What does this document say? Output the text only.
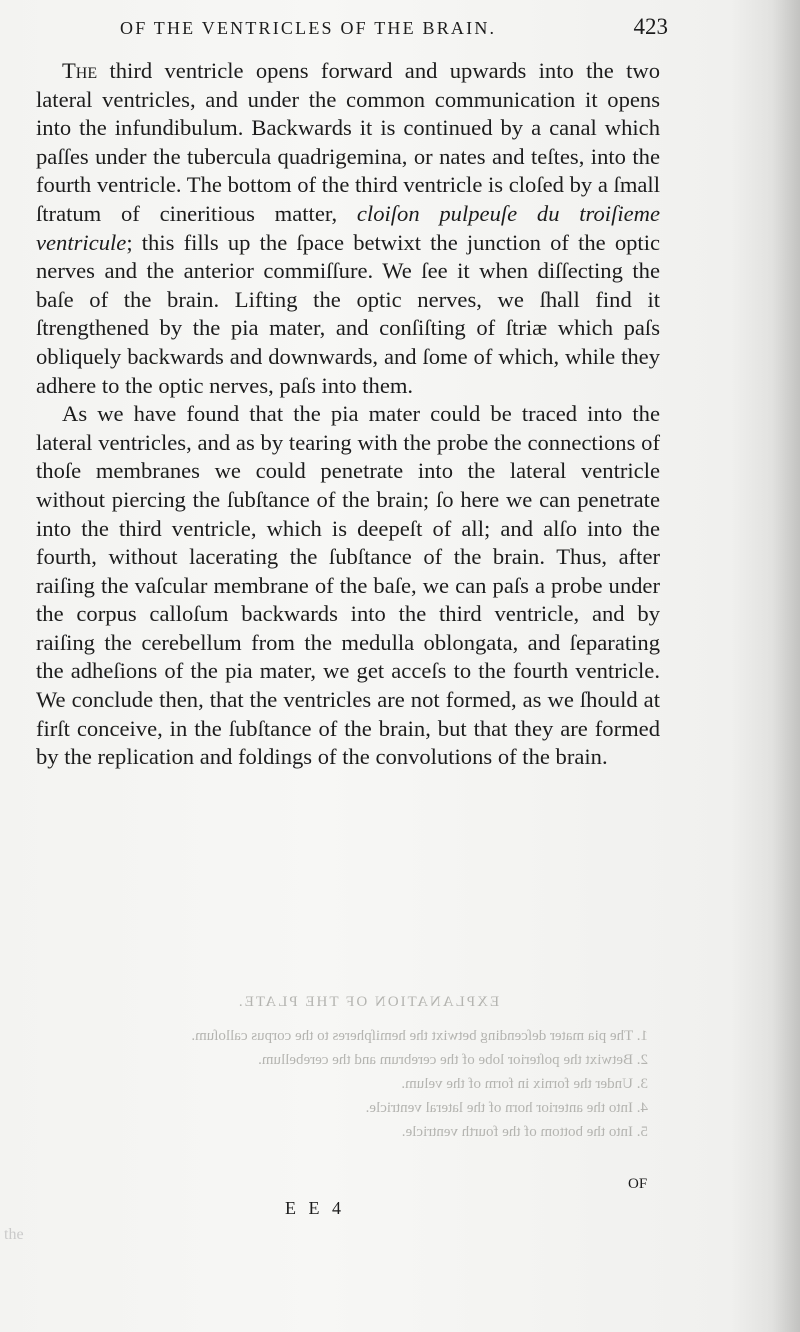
OF THE VENTRICLES OF THE BRAIN.	423

The third ventricle opens forward and upwards into the two lateral ventricles, and under the common communication it opens into the infundibulum. Backwards it is continued by a canal which paſſes under the tubercula quadrigemina, or nates and teſtes, into the fourth ventricle. The bottom of the third ventricle is cloſed by a ſmall ſtratum of cineritious matter, cloiſon pulpeuſe du troiſieme ventricule; this fills up the ſpace betwixt the junction of the optic nerves and the anterior commiſſure. We ſee it when diſſecting the baſe of the brain. Lifting the optic nerves, we ſhall find it ſtrengthened by the pia mater, and conſiſting of ſtriæ which paſs obliquely backwards and downwards, and ſome of which, while they adhere to the optic nerves, paſs into them.

As we have found that the pia mater could be traced into the lateral ventricles, and as by tearing with the probe the connections of thoſe membranes we could penetrate into the lateral ventricle without piercing the ſubſtance of the brain; ſo here we can penetrate into the third ventricle, which is deepeſt of all; and alſo into the fourth, without lacerating the ſubſtance of the brain. Thus, after raiſing the vaſcular membrane of the baſe, we can paſs a probe under the corpus calloſum backwards into the third ventricle, and by raiſing the cerebellum from the medulla oblongata, and ſeparating the adheſions of the pia mater, we get acceſs to the fourth ventricle. We conclude then, that the ventricles are not formed, as we ſhould at firſt conceive, in the ſubſtance of the brain, but that they are formed by the replication and foldings of the convolutions of the brain.

EXPLANATION OF THE PLATE.

1. The pia mater deſcending betwixt the hemiſpheres to the corpus calloſum.

2. Betwixt the poſterior lobe of the cerebrum and the cerebellum.

3. Under the fornix in form of the velum.

4. Into the anterior horn of the lateral ventricle.

5. Into the bottom of the fourth ventricle.

OF
E E 4
the
